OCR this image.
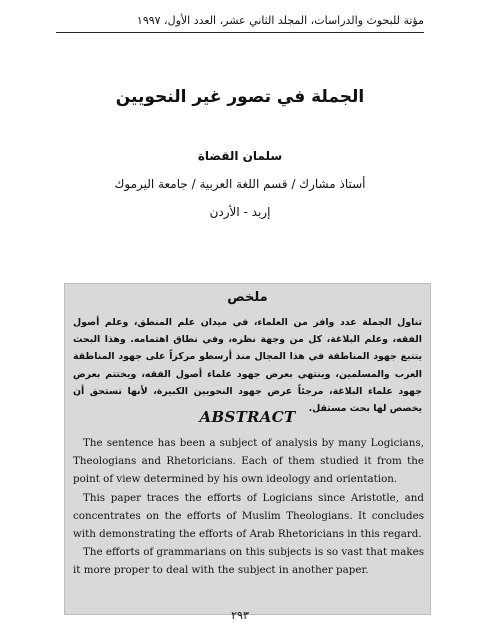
مؤتة للبحوث والدراسات، المجلد الثاني عشر، العدد الأول، ١٩٩٧
الجملة في تصور غير النحويين
سلمان القضاة
أستاذ مشارك / قسم اللغة العربية / جامعة اليرموك
إربد - الأردن
ملخص
تناول الجملة عدد وافر من العلماء، في ميدان علم المنطق، وعلم أصول الفقه، وعلم البلاغة، كل من وجهة نظره، وفي نطاق اهتمامه. وهذا البحث يتتبع جهود المناطقة في هذا المجال منذ أرسطو مركزاً على جهود المناطقة العرب والمسلمين، وينتهي بعرض جهود علماء أصول الفقه، ويختتم بعرض جهود علماء البلاغة، مرجئاً عرض جهود النحويين الكبيرة، لأنها تستحق أن يخصص لها بحث مستقل.
ABSTRACT

The sentence has been a subject of analysis by many Logicians, Theologians and Rhetoricians. Each of them studied it from the point of view determined by his own ideology and orientation.

This paper traces the efforts of Logicians since Aristotle, and concentrates on the efforts of Muslim Theologians. It concludes with demonstrating the efforts of Arab Rhetoricians in this regard.

The efforts of grammarians on this subjects is so vast that makes it more proper to deal with the subject in another paper.

٢٩٣
